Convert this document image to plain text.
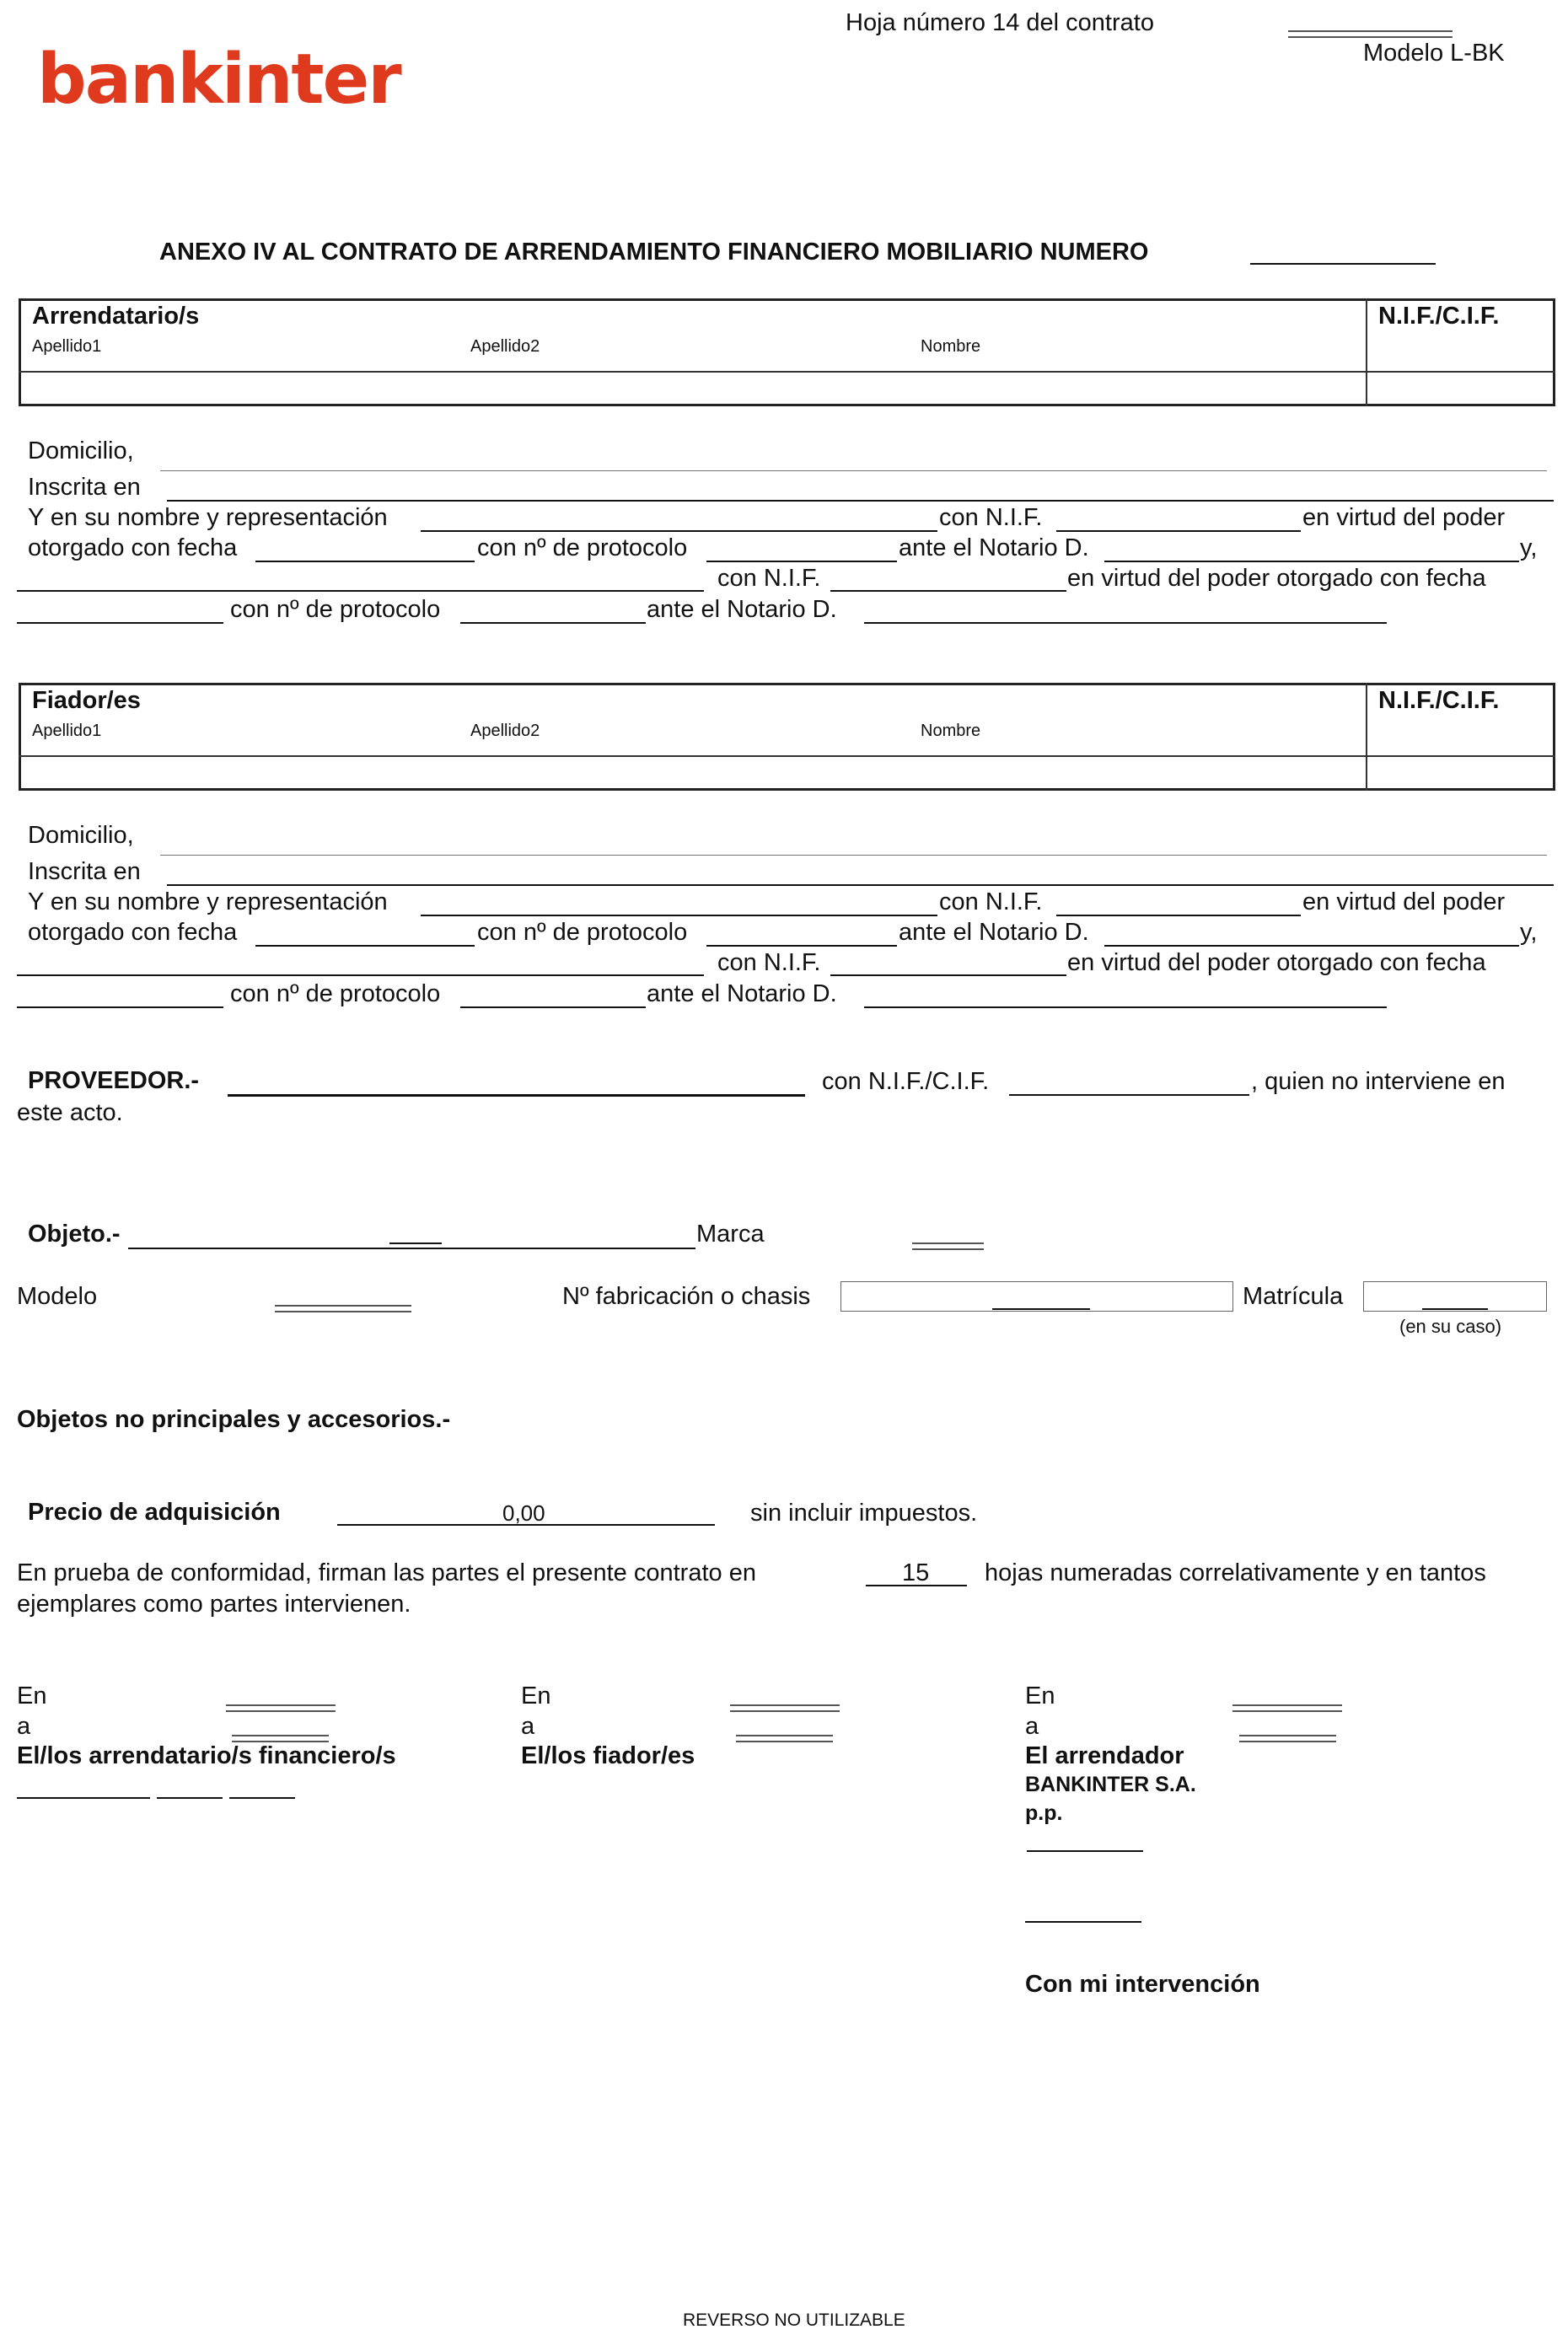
bankinter
Hoja número 14 del contrato
Modelo L-BK
ANEXO IV AL CONTRATO DE ARRENDAMIENTO FINANCIERO MOBILIARIO NUMERO
Arrendatario/s	N.I.F./C.I.F.
Apellido1	Apellido2	Nombre
Domicilio,
Inscrita en
Y en su nombre y representación	con N.I.F.	en virtud del poder
otorgado con fecha	con nº de protocolo	ante el Notario D.	y,
con N.I.F.	en virtud del poder otorgado con fecha
con nº de protocolo	ante el Notario D.
Fiador/es	N.I.F./C.I.F.
Apellido1	Apellido2	Nombre
Domicilio,
Inscrita en
Y en su nombre y representación	con N.I.F.	en virtud del poder
otorgado con fecha	con nº de protocolo	ante el Notario D.	y,
con N.I.F.	en virtud del poder otorgado con fecha
con nº de protocolo	ante el Notario D.
PROVEEDOR.-	con N.I.F./C.I.F.	, quien no interviene en
este acto.
Objeto.-	Marca
Modelo	Nº fabricación o chasis	Matrícula
(en su caso)
Objetos no principales y accesorios.-
Precio de adquisición	0,00	sin incluir impuestos.
En prueba de conformidad, firman las partes el presente contrato en	15 hojas numeradas correlativamente y en tantos
ejemplares como partes intervienen.
En
a
El/los arrendatario/s financiero/s
En
a
El/los fiador/es
En
a
El arrendador
BANKINTER S.A.
p.p.
Con mi intervención
REVERSO NO UTILIZABLE
